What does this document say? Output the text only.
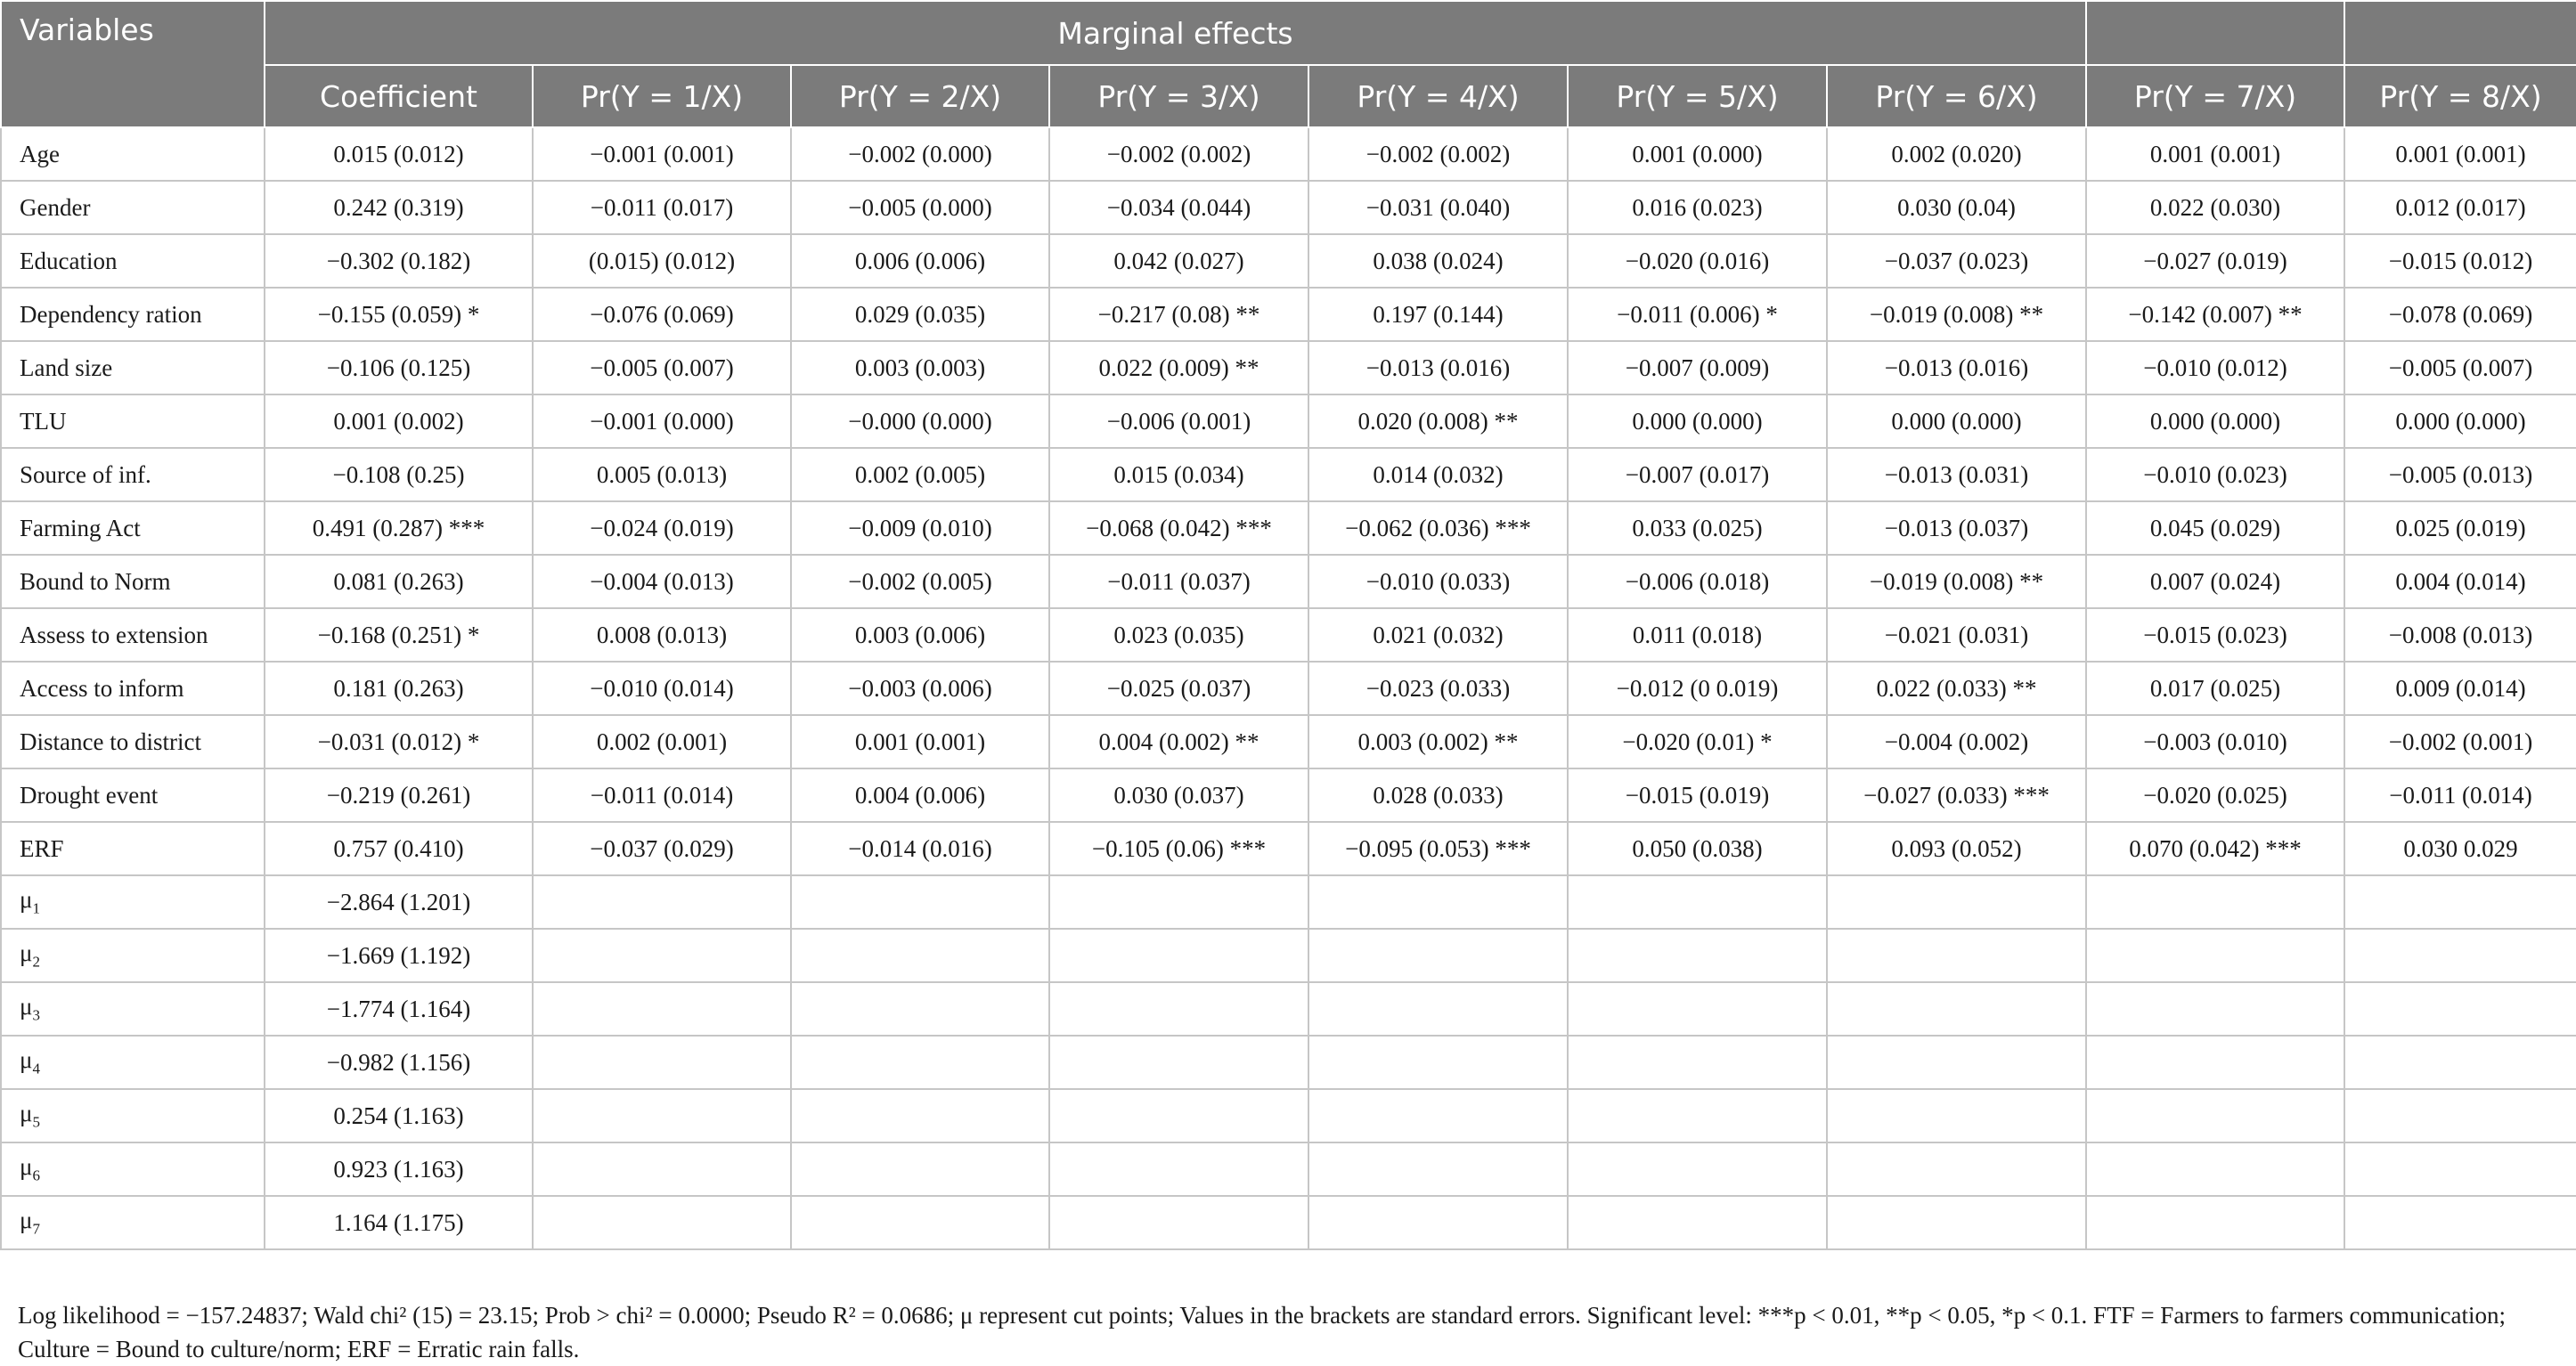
Variables	Marginal effects								
	Coefficient	Pr(Y = 1/X)	Pr(Y = 2/X)	Pr(Y = 3/X)	Pr(Y = 4/X)	Pr(Y = 5/X)	Pr(Y = 6/X)	Pr(Y = 7/X)	Pr(Y = 8/X)
Age	0.015 (0.012)	−0.001 (0.001)	−0.002 (0.000)	−0.002 (0.002)	−0.002 (0.002)	0.001 (0.000)	0.002 (0.020)	0.001 (0.001)	0.001 (0.001)
Gender	0.242 (0.319)	−0.011 (0.017)	−0.005 (0.000)	−0.034 (0.044)	−0.031 (0.040)	0.016 (0.023)	0.030 (0.04)	0.022 (0.030)	0.012 (0.017)
Education	−0.302 (0.182)	(0.015) (0.012)	0.006 (0.006)	0.042 (0.027)	0.038 (0.024)	−0.020 (0.016)	−0.037 (0.023)	−0.027 (0.019)	−0.015 (0.012)
Dependency ration	−0.155 (0.059) *	−0.076 (0.069)	0.029 (0.035)	−0.217 (0.08) **	0.197 (0.144)	−0.011 (0.006) *	−0.019 (0.008) **	−0.142 (0.007) **	−0.078 (0.069)
Land size	−0.106 (0.125)	−0.005 (0.007)	0.003 (0.003)	0.022 (0.009) **	−0.013 (0.016)	−0.007 (0.009)	−0.013 (0.016)	−0.010 (0.012)	−0.005 (0.007)
TLU	0.001 (0.002)	−0.001 (0.000)	−0.000 (0.000)	−0.006 (0.001)	0.020 (0.008) **	0.000 (0.000)	0.000 (0.000)	0.000 (0.000)	0.000 (0.000)
Source of inf.	−0.108 (0.25)	0.005 (0.013)	0.002 (0.005)	0.015 (0.034)	0.014 (0.032)	−0.007 (0.017)	−0.013 (0.031)	−0.010 (0.023)	−0.005 (0.013)
Farming Act	0.491 (0.287) ***	−0.024 (0.019)	−0.009 (0.010)	−0.068 (0.042) ***	−0.062 (0.036) ***	0.033 (0.025)	−0.013 (0.037)	0.045 (0.029)	0.025 (0.019)
Bound to Norm	0.081 (0.263)	−0.004 (0.013)	−0.002 (0.005)	−0.011 (0.037)	−0.010 (0.033)	−0.006 (0.018)	−0.019 (0.008) **	0.007 (0.024)	0.004 (0.014)
Assess to extension	−0.168 (0.251) *	0.008 (0.013)	0.003 (0.006)	0.023 (0.035)	0.021 (0.032)	0.011 (0.018)	−0.021 (0.031)	−0.015 (0.023)	−0.008 (0.013)
Access to inform	0.181 (0.263)	−0.010 (0.014)	−0.003 (0.006)	−0.025 (0.037)	−0.023 (0.033)	−0.012 (0 0.019)	0.022 (0.033) **	0.017 (0.025)	0.009 (0.014)
Distance to district	−0.031 (0.012) *	0.002 (0.001)	0.001 (0.001)	0.004 (0.002) **	0.003 (0.002) **	−0.020 (0.01) *	−0.004 (0.002)	−0.003 (0.010)	−0.002 (0.001)
Drought event	−0.219 (0.261)	−0.011 (0.014)	0.004 (0.006)	0.030 (0.037)	0.028 (0.033)	−0.015 (0.019)	−0.027 (0.033) ***	−0.020 (0.025)	−0.011 (0.014)
ERF	0.757 (0.410)	−0.037 (0.029)	−0.014 (0.016)	−0.105 (0.06) ***	−0.095 (0.053) ***	0.050 (0.038)	0.093 (0.052)	0.070 (0.042) ***	0.030 0.029
$\mu_1$	−2.864 (1.201)								
$\mu_2$	−1.669 (1.192)								
$\mu_3$	−1.774 (1.164)								
$\mu_4$	−0.982 (1.156)								
$\mu_5$	0.254 (1.163)								
$\mu_6$	0.923 (1.163)								
$\mu_7$	1.164 (1.175)								
Log likelihood = −157.24837; Wald chi² (15) = 23.15; Prob > chi² = 0.0000; Pseudo R² = 0.0686; μ represent cut points; Values in the brackets are standard errors. Significant level: ***p < 0.01, **p < 0.05, *p < 0.1. FTF = Farmers to farmers communication; Culture = Bound to culture/norm; ERF = Erratic rain falls.
